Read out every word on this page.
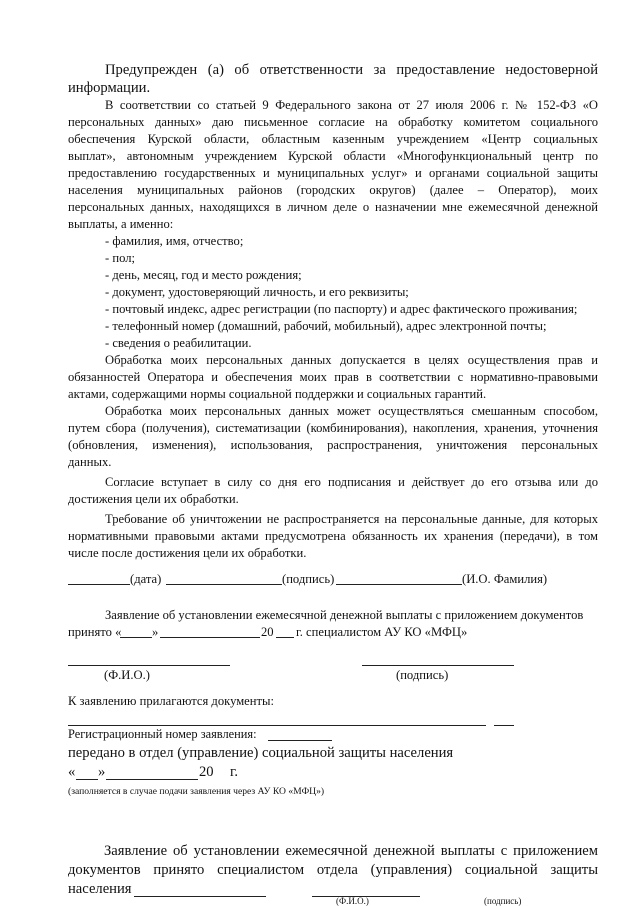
Предупрежден (а) об ответственности за предоставление недостоверной
информации.
В соответствии со статьей 9 Федерального закона от 27 июля 2006 г. № 152-ФЗ «О
персональных данных» даю письменное согласие на обработку комитетом социального
обеспечения Курской области, областным казенным учреждением «Центр социальных
выплат», автономным учреждением Курской области «Многофункциональный центр по
предоставлению государственных и муниципальных услуг» и органами социальной защиты
населения муниципальных районов (городских округов) (далее – Оператор), моих
персональных данных, находящихся в личном деле о назначении мне ежемесячной денежной
выплаты, а именно:
- фамилия, имя, отчество;
- пол;
- день, месяц, год и место рождения;
- документ, удостоверяющий личность, и его реквизиты;
- почтовый индекс, адрес регистрации (по паспорту) и адрес фактического проживания;
- телефонный номер (домашний, рабочий, мобильный), адрес электронной почты;
- сведения о реабилитации.
Обработка моих персональных данных допускается в целях осуществления прав и
обязанностей Оператора и обеспечения моих прав в соответствии с нормативно-правовыми
актами, содержащими нормы социальной поддержки и социальных гарантий.
Обработка моих персональных данных может осуществляться смешанным способом,
путем сбора (получения), систематизации (комбинирования), накопления, хранения, уточнения
(обновления, изменения), использования, распространения, уничтожения персональных
данных.
Согласие вступает в силу со дня его подписания и действует до его отзыва или до
достижения цели их обработки.
Требование об уничтожении не распространяется на персональные данные, для которых
нормативными правовыми актами предусмотрена обязанность их хранения (передачи), в том
числе после достижения цели их обработки.
(дата)	(подпись)	(И.О. Фамилия)
Заявление об установлении ежемесячной денежной выплаты с приложением документов
принято « »	20 г. специалистом АУ КО «МФЦ»
(Ф.И.О.)	(подпись)
К заявлению прилагаются документы:
Регистрационный номер заявления:
передано в отдел (управление) социальной защиты населения
« »	20 г.
(заполняется в случае подачи заявления через АУ КО «МФЦ»)
Заявление об установлении ежемесячной денежной выплаты с приложением
документов принято специалистом отдела (управления) социальной защиты
населения
(Ф.И.О.)	(подпись)
